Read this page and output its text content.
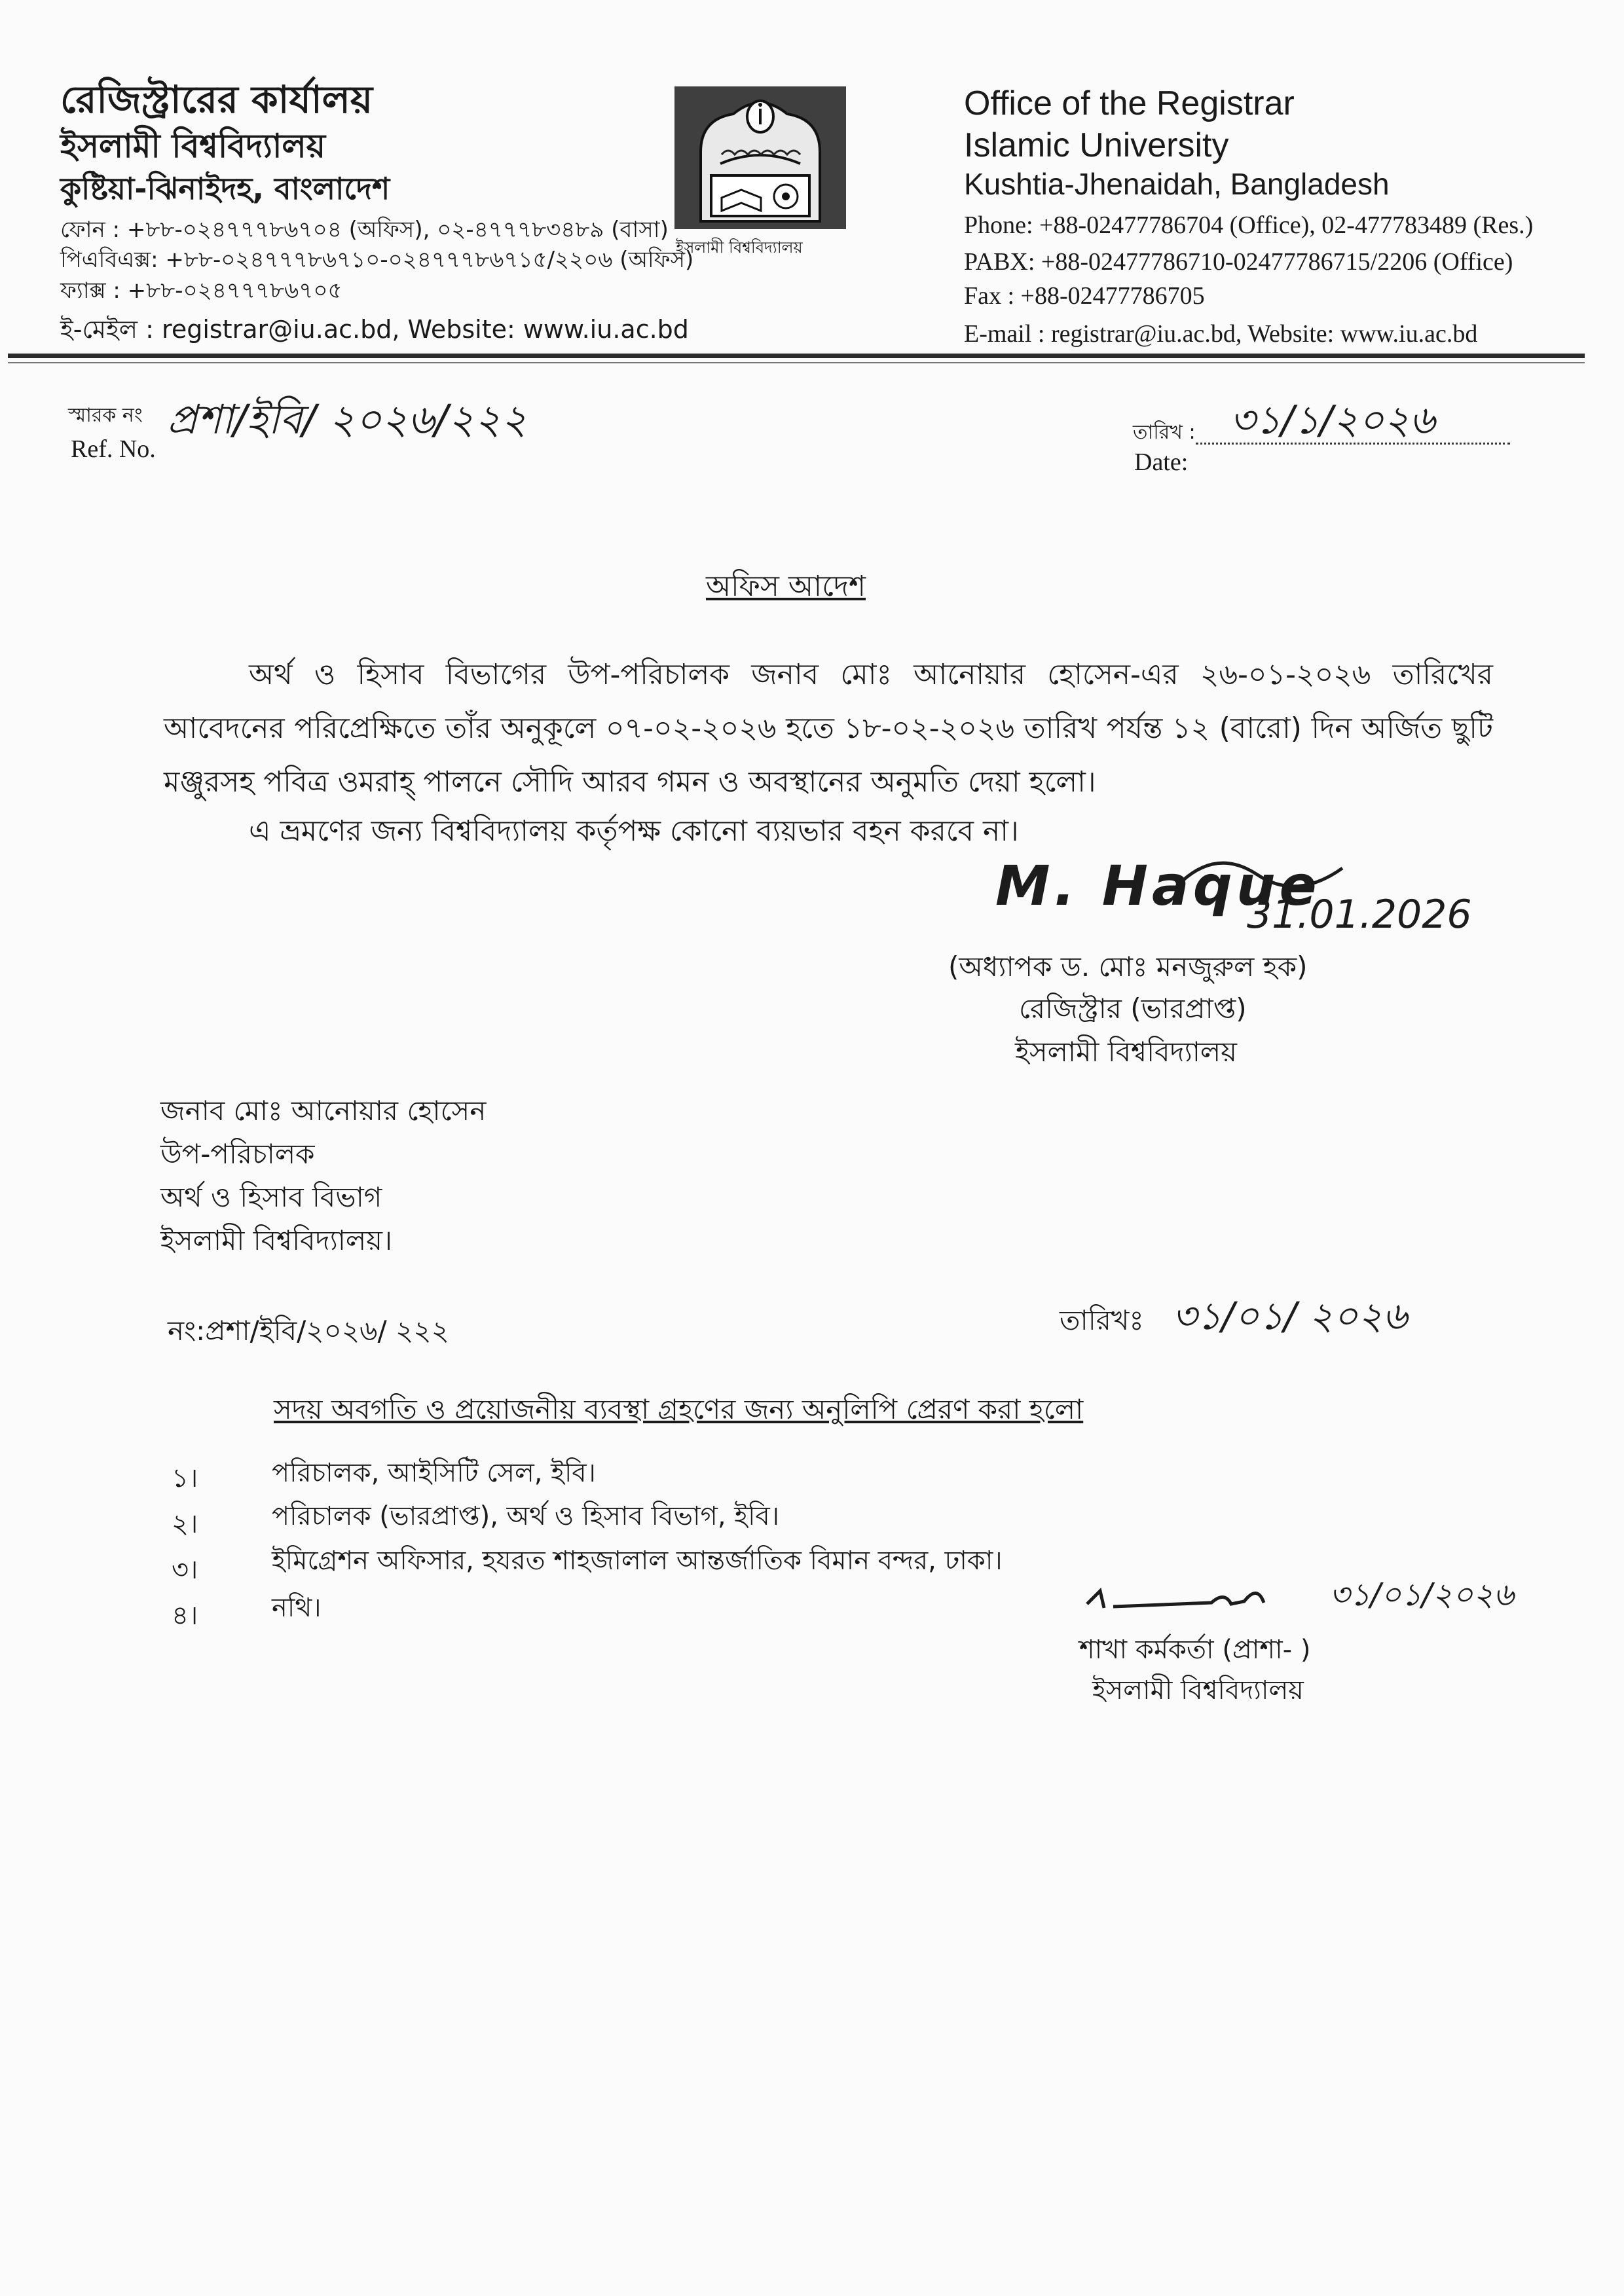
রেজিস্ট্রারের কার্যালয়
ইসলামী বিশ্ববিদ্যালয়
কুষ্টিয়া-ঝিনাইদহ, বাংলাদেশ
ফোন : +৮৮-০২৪৭৭৭৮৬৭০৪ (অফিস), ০২-৪৭৭৭৮৩৪৮৯ (বাসা)
পিএবিএক্স: +৮৮-০২৪৭৭৭৮৬৭১০-০২৪৭৭৭৮৬৭১৫/২২০৬ (অফিস)
ফ্যাক্স : +৮৮-০২৪৭৭৭৮৬৭০৫
ই-মেইল : registrar@iu.ac.bd, Website: www.iu.ac.bd
ইসলামী বিশ্ববিদ্যালয়
Office of the Registrar
Islamic University
Kushtia-Jhenaidah, Bangladesh
Phone: +88-02477786704 (Office), 02-477783489 (Res.)
PABX: +88-02477786710-02477786715/2206 (Office)
Fax : +88-02477786705
E-mail : registrar@iu.ac.bd, Website: www.iu.ac.bd
স্মারক নং
Ref. No.
প্রশা/ইবি/ ২০২৬/২২২	তারিখ :
Date:
৩১/১/২০২৬
অফিস আদেশ
অর্থ ও হিসাব বিভাগের উপ-পরিচালক জনাব মোঃ আনোয়ার হোসেন-এর ২৬-০১-২০২৬ তারিখের আবেদনের পরিপ্রেক্ষিতে তাঁর অনুকূলে ০৭-০২-২০২৬ হতে ১৮-০২-২০২৬ তারিখ পর্যন্ত ১২ (বারো) দিন অর্জিত ছুটি মঞ্জুরসহ পবিত্র ওমরাহ্ পালনে সৌদি আরব গমন ও অবস্থানের অনুমতি দেয়া হলো।
এ ভ্রমণের জন্য বিশ্ববিদ্যালয় কর্তৃপক্ষ কোনো ব্যয়ভার বহন করবে না।
M. Haque
31.01.2026
(অধ্যাপক ড. মোঃ মনজুরুল হক)
রেজিস্ট্রার (ভারপ্রাপ্ত)
ইসলামী বিশ্ববিদ্যালয়
জনাব মোঃ আনোয়ার হোসেন
উপ-পরিচালক
অর্থ ও হিসাব বিভাগ
ইসলামী বিশ্ববিদ্যালয়।
নং:প্রশা/ইবি/২০২৬/ ২২২	তারিখঃ ৩১/০১/ ২০২৬
সদয় অবগতি ও প্রয়োজনীয় ব্যবস্থা গ্রহণের জন্য অনুলিপি প্রেরণ করা হলো
১।	পরিচালক, আইসিটি সেল, ইবি।
২।	পরিচালক (ভারপ্রাপ্ত), অর্থ ও হিসাব বিভাগ, ইবি।
৩।	ইমিগ্রেশন অফিসার, হযরত শাহজালাল আন্তর্জাতিক বিমান বন্দর, ঢাকা।
৪।	নথি।	৩১/০১/২০২৬
শাখা কর্মকর্তা (প্রাশা- )
ইসলামী বিশ্ববিদ্যালয়
